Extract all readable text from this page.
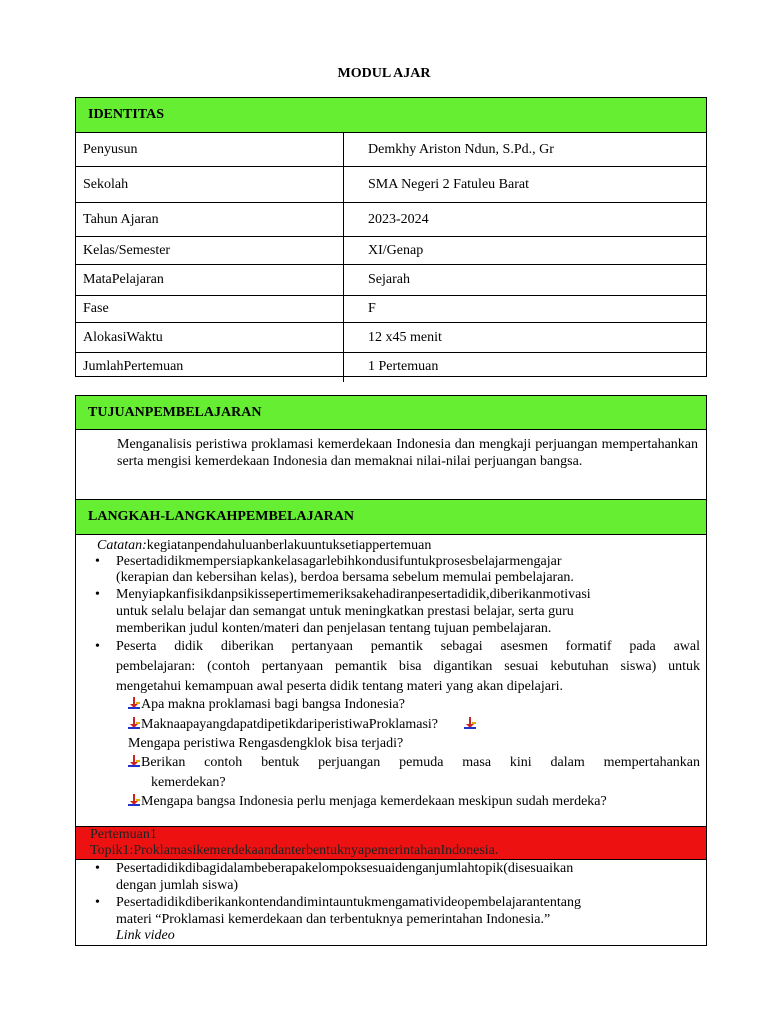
MODUL AJAR
IDENTITAS
Penyusun	Demkhy Ariston Ndun, S.Pd., Gr
Sekolah	SMA Negeri 2 Fatuleu Barat
Tahun Ajaran	2023-2024
Kelas/Semester	XI/Genap
MataPelajaran	Sejarah
Fase	F
AlokasiWaktu	12 x45 menit
JumlahPertemuan	1 Pertemuan
TUJUANPEMBELAJARAN
Menganalisis peristiwa proklamasi kemerdekaan Indonesia dan mengkaji perjuangan mempertahankan serta mengisi kemerdekaan Indonesia dan memaknai nilai-nilai perjuangan bangsa.
LANGKAH-LANGKAHPEMBELAJARAN
Catatan:kegiatanpendahuluanberlakuuntuksetiappertemuan
• Pesertadidikmempersiapkankelasagarlebihkondusifuntukprosesbelajarmengajar
(kerapian dan kebersihan kelas), berdoa bersama sebelum memulai pembelajaran.
• Menyiapkanfisikdanpsikissepertimemeriksakehadiranpesertadidik,diberikanmotivasi
untuk selalu belajar dan semangat untuk meningkatkan prestasi belajar, serta guru
memberikan judul konten/materi dan penjelasan tentang tujuan pembelajaran.
• Peserta didik diberikan pertanyaan pemantik sebagai asesmen formatif pada awal
pembelajaran: (contoh pertanyaan pemantik bisa digantikan sesuai kebutuhan siswa) untuk
mengetahui kemampuan awal peserta didik tentang materi yang akan dipelajari.
Apa makna proklamasi bagi bangsa Indonesia?
MaknaapayangdapatdipetikdariperistiwaProklamasi?
Mengapa peristiwa Rengasdengklok bisa terjadi?
Berikan contoh bentuk perjuangan pemuda masa kini dalam mempertahankan
kemerdekan?
Mengapa bangsa Indonesia perlu menjaga kemerdekaan meskipun sudah merdeka?
Pertemuan1
Topik1:ProklamasikemerdekaandanterbentuknyapemerintahanIndonesia.
• Pesertadidikdibagidalambeberapakelompoksesuaidenganjumlahtopik(disesuaikan
dengan jumlah siswa)
• Pesertadidikdiberikankontendandimintauntukmengamativideopembelajarantentang
materi “Proklamasi kemerdekaan dan terbentuknya pemerintahan Indonesia.”
Link video
